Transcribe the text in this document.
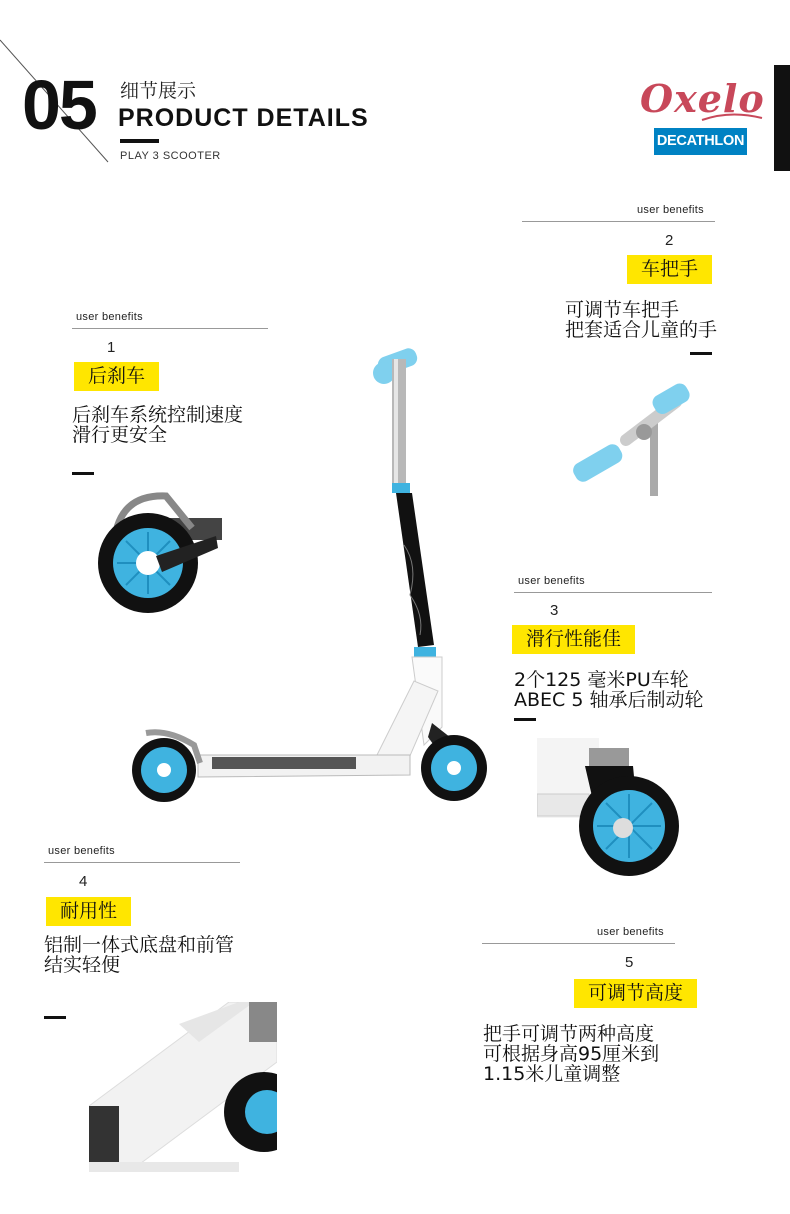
05 细节展示
PRODUCT DETAILS
PLAY 3 SCOOTER
Oxelo
DECATHLON
user benefits
1
后刹车
后刹车系统控制速度
滑行更安全
user benefits
2
车把手
可调节车把手
把套适合儿童的手
user benefits
3
滑行性能佳
2个125 毫米PU车轮
ABEC 5 轴承后制动轮
user benefits
4
耐用性
铝制一体式底盘和前管
结实轻便
user benefits
5
可调节高度
把手可调节两种高度
可根据身高95厘米到
1.15米儿童调整
